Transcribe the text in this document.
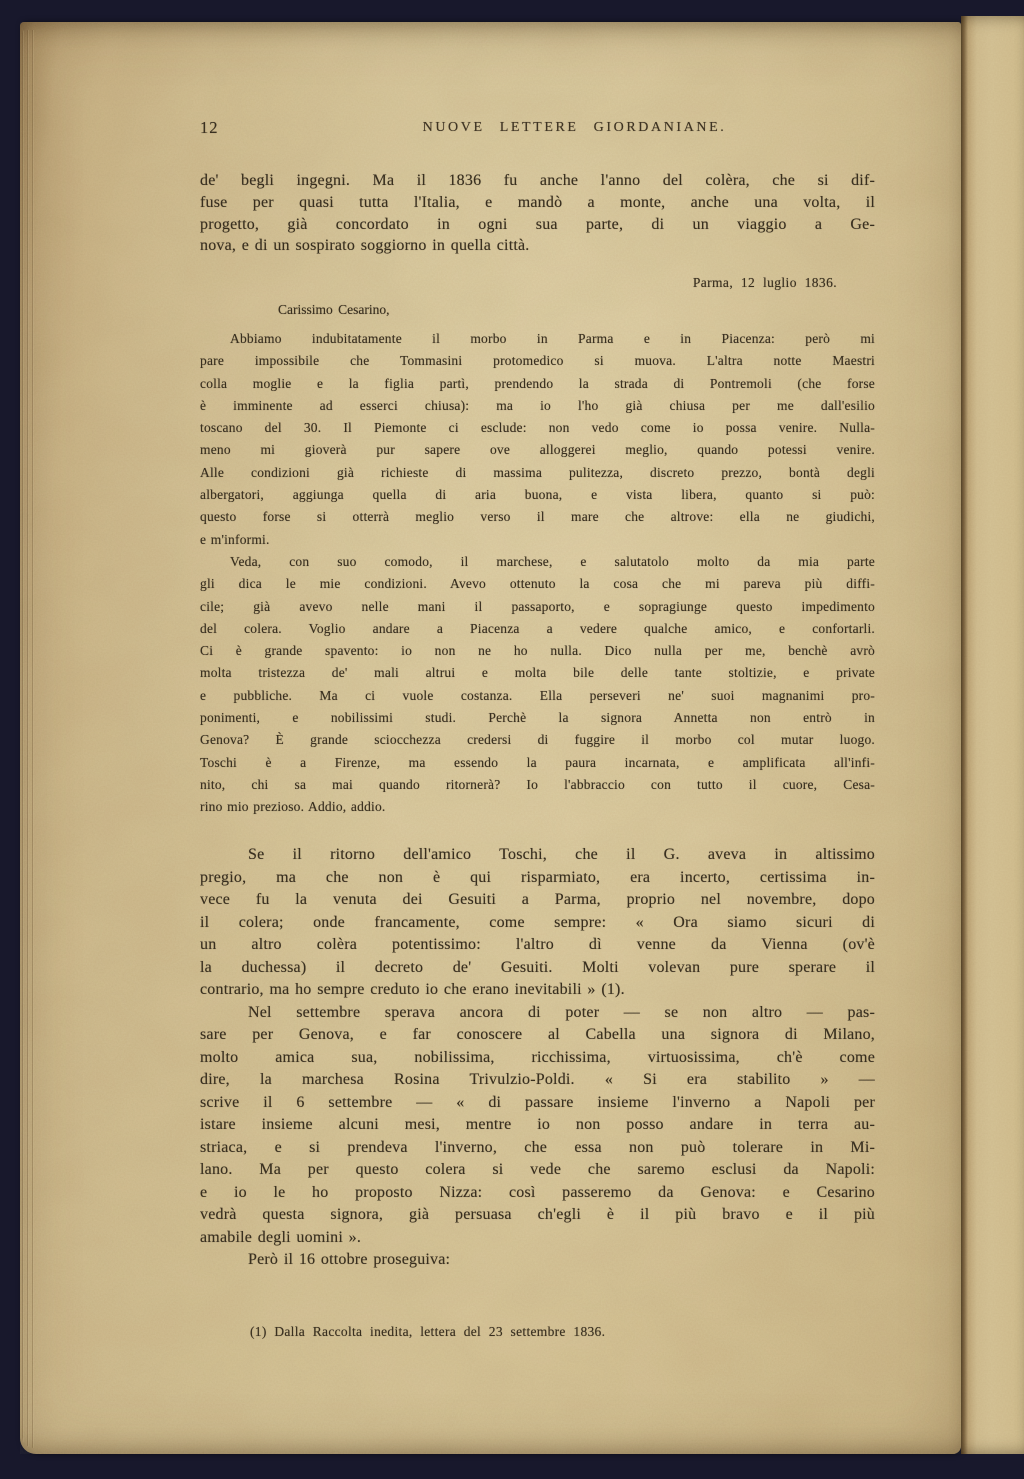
12	NUOVE LETTERE GIORDANIANE.
de' begli ingegni. Ma il 1836 fu anche l'anno del colèra, che si dif-
fuse per quasi tutta l'Italia, e mandò a monte, anche una volta, il
progetto, già concordato in ogni sua parte, di un viaggio a Ge-
nova, e di un sospirato soggiorno in quella città.
Parma, 12 luglio 1836.
Carissimo Cesarino,
Abbiamo indubitatamente il morbo in Parma e in Piacenza: però mi
pare impossibile che Tommasini protomedico si muova. L'altra notte Maestri
colla moglie e la figlia partì, prendendo la strada di Pontremoli (che forse
è imminente ad esserci chiusa): ma io l'ho già chiusa per me dall'esilio
toscano del 30. Il Piemonte ci esclude: non vedo come io possa venire. Nulla-
meno mi gioverà pur sapere ove alloggerei meglio, quando potessi venire.
Alle condizioni già richieste di massima pulitezza, discreto prezzo, bontà degli
albergatori, aggiunga quella di aria buona, e vista libera, quanto si può:
questo forse si otterrà meglio verso il mare che altrove: ella ne giudichi,
e m'informi.
Veda, con suo comodo, il marchese, e salutatolo molto da mia parte
gli dica le mie condizioni. Avevo ottenuto la cosa che mi pareva più diffi-
cile; già avevo nelle mani il passaporto, e sopragiunge questo impedimento
del colera. Voglio andare a Piacenza a vedere qualche amico, e confortarli.
Ci è grande spavento: io non ne ho nulla. Dico nulla per me, benchè avrò
molta tristezza de' mali altrui e molta bile delle tante stoltizie, e private
e pubbliche. Ma ci vuole costanza. Ella perseveri ne' suoi magnanimi pro-
ponimenti, e nobilissimi studi. Perchè la signora Annetta non entrò in
Genova? È grande sciocchezza credersi di fuggire il morbo col mutar luogo.
Toschi è a Firenze, ma essendo la paura incarnata, e amplificata all'infi-
nito, chi sa mai quando ritornerà? Io l'abbraccio con tutto il cuore, Cesa-
rino mio prezioso. Addio, addio.
Se il ritorno dell'amico Toschi, che il G. aveva in altissimo
pregio, ma che non è qui risparmiato, era incerto, certissima in-
vece fu la venuta dei Gesuiti a Parma, proprio nel novembre, dopo
il colera; onde francamente, come sempre: « Ora siamo sicuri di
un altro colèra potentissimo: l'altro dì venne da Vienna (ov'è
la duchessa) il decreto de' Gesuiti. Molti volevan pure sperare il
contrario, ma ho sempre creduto io che erano inevitabili » (1).
Nel settembre sperava ancora di poter — se non altro — pas-
sare per Genova, e far conoscere al Cabella una signora di Milano,
molto amica sua, nobilissima, ricchissima, virtuosissima, ch'è come
dire, la marchesa Rosina Trivulzio-Poldi. « Si era stabilito » —
scrive il 6 settembre — « di passare insieme l'inverno a Napoli per
istare insieme alcuni mesi, mentre io non posso andare in terra au-
striaca, e si prendeva l'inverno, che essa non può tolerare in Mi-
lano. Ma per questo colera si vede che saremo esclusi da Napoli:
e io le ho proposto Nizza: così passeremo da Genova: e Cesarino
vedrà questa signora, già persuasa ch'egli è il più bravo e il più
amabile degli uomini ».
Però il 16 ottobre proseguiva:
(1) Dalla Raccolta inedita, lettera del 23 settembre 1836.
